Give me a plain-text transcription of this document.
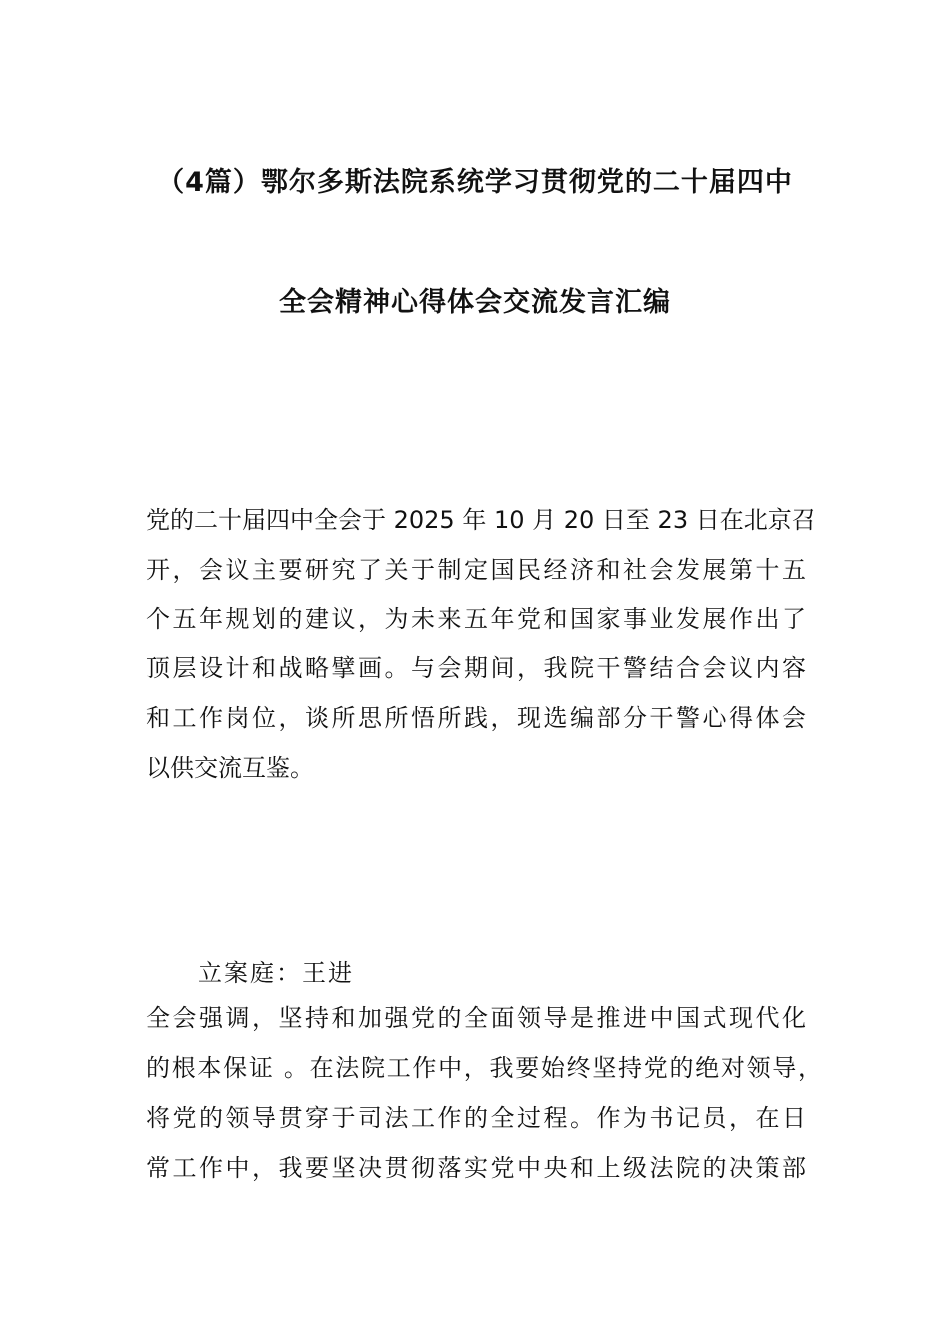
（4篇）鄂尔多斯法院系统学习贯彻党的二十届四中
全会精神心得体会交流发言汇编
党的二十届四中全会于 2025 年 10 月 20 日至 23 日在北京召
开，会议主要研究了关于制定国民经济和社会发展第十五
个五年规划的建议，为未来五年党和国家事业发展作出了
顶层设计和战略擘画。与会期间，我院干警结合会议内容
和工作岗位，谈所思所悟所践，现选编部分干警心得体会
以供交流互鉴。
立案庭：王进
全会强调，坚持和加强党的全面领导是推进中国式现代化
的根本保证 。在法院工作中，我要始终坚持党的绝对领导，
将党的领导贯穿于司法工作的全过程。作为书记员，在日
常工作中，我要坚决贯彻落实党中央和上级法院的决策部
